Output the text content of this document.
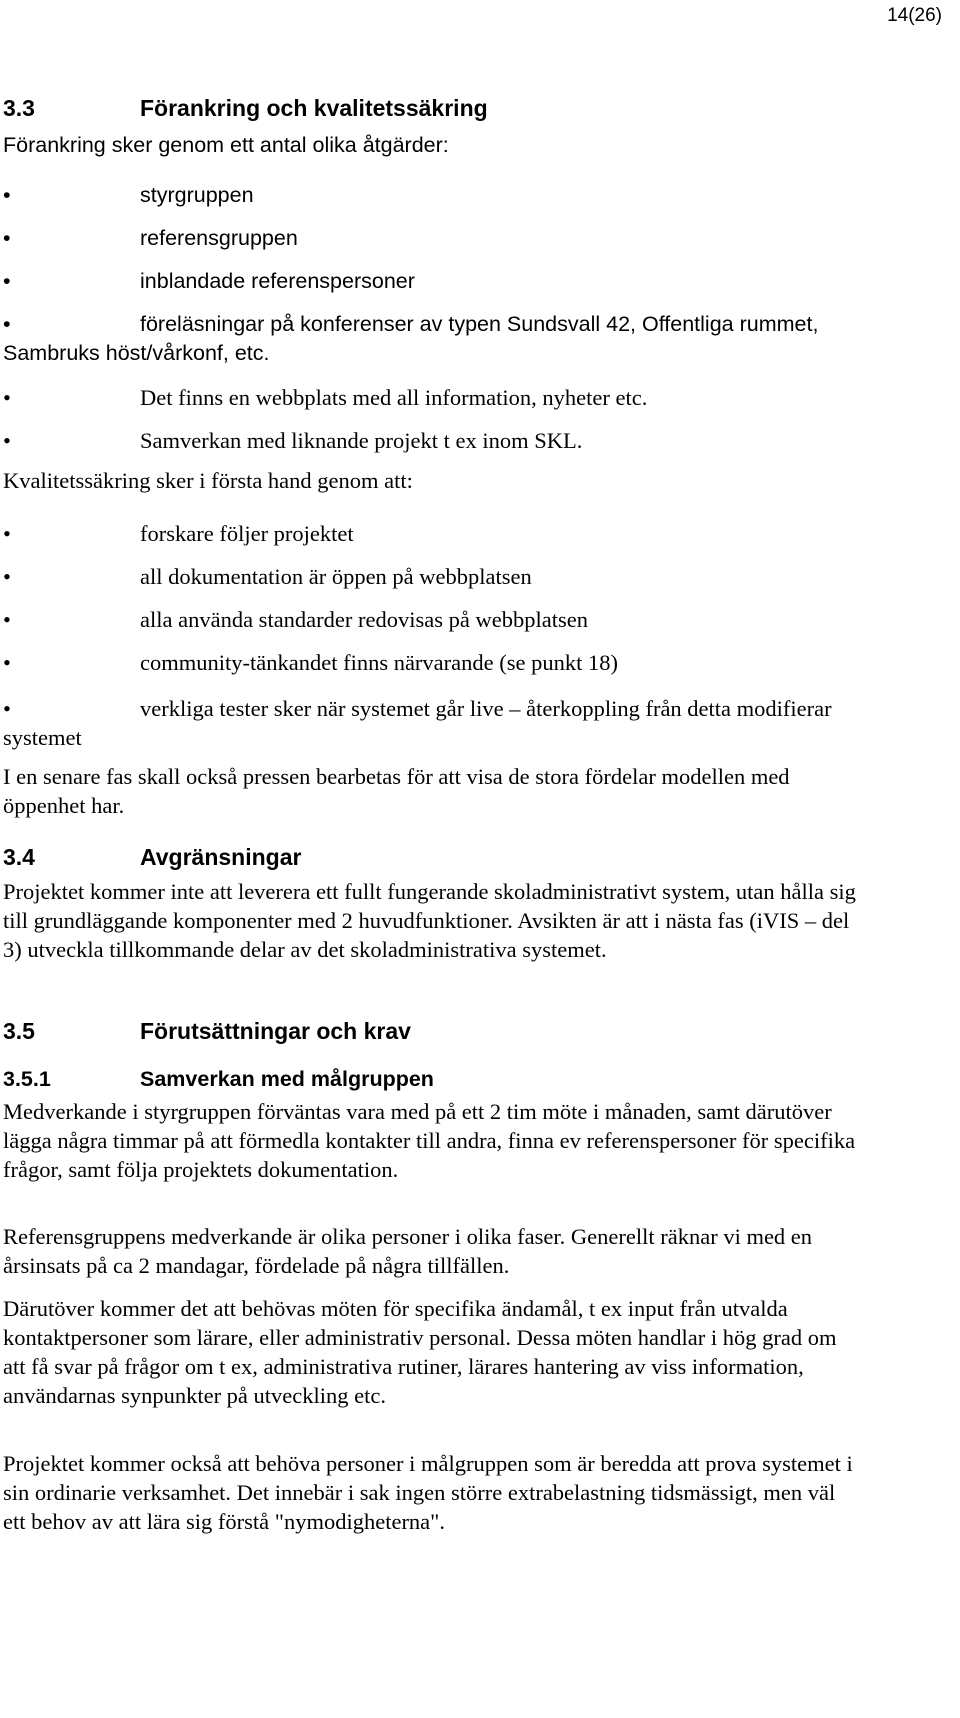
14(26)
3.3	Förankring och kvalitetssäkring
Förankring sker genom ett antal olika åtgärder:
•	styrgruppen
•	referensgruppen
•	inblandade referenspersoner
•	föreläsningar på konferenser av typen Sundsvall 42, Offentliga rummet, Sambruks höst/vårkonf, etc.
•	Det finns en webbplats med all information, nyheter etc.
•	Samverkan med liknande projekt t ex inom SKL.
Kvalitetssäkring sker i första hand genom att:
•	forskare följer projektet
•	all dokumentation är öppen på webbplatsen
•	alla använda standarder redovisas på webbplatsen
•	community-tänkandet finns närvarande (se punkt 18)
•	verkliga tester sker när systemet går live – återkoppling från detta modifierar systemet
I en senare fas skall också pressen bearbetas för att visa de stora fördelar modellen med öppenhet har.
3.4	Avgränsningar
Projektet kommer inte att leverera ett fullt fungerande skoladministrativt system, utan hålla sig till grundläggande komponenter med 2 huvudfunktioner. Avsikten är att i nästa fas (iVIS – del 3) utveckla tillkommande delar av det skoladministrativa systemet.
3.5	Förutsättningar och krav
3.5.1	Samverkan med målgruppen
Medverkande i styrgruppen förväntas vara med på ett 2 tim möte i månaden, samt därutöver lägga några timmar på att förmedla kontakter till andra, finna ev referenspersoner för specifika frågor, samt följa projektets dokumentation.
Referensgruppens medverkande är olika personer i olika faser. Generellt räknar vi med en årsinsats på ca 2 mandagar, fördelade på några tillfällen.
Därutöver kommer det att behövas möten för specifika ändamål, t ex input från utvalda kontaktpersoner som lärare, eller administrativ personal. Dessa möten handlar i hög grad om att få svar på frågor om t ex, administrativa rutiner, lärares hantering av viss information, användarnas synpunkter på utveckling etc.
Projektet kommer också att behöva personer i målgruppen som är beredda att prova systemet i sin ordinarie verksamhet. Det innebär i sak ingen större extrabelastning tidsmässigt, men väl ett behov av att lära sig förstå "nymodigheterna".
